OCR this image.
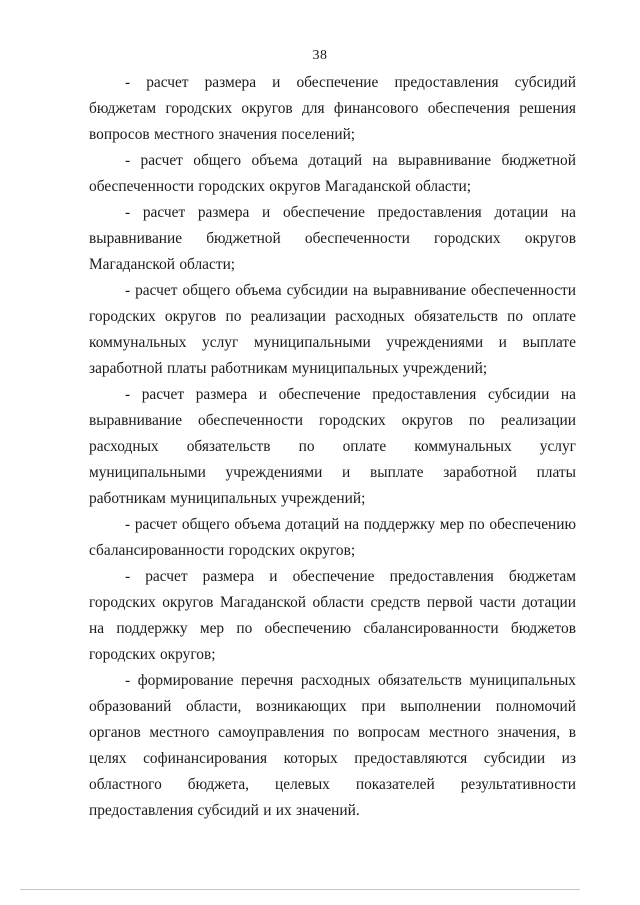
38

- расчет размера и обеспечение предоставления субсидий бюджетам городских округов для финансового обеспечения решения вопросов местного значения поселений;

- расчет общего объема дотаций на выравнивание бюджетной обеспеченности городских округов Магаданской области;

- расчет размера и обеспечение предоставления дотации на выравнивание бюджетной обеспеченности городских округов Магаданской области;

- расчет общего объема субсидии на выравнивание обеспеченности городских округов по реализации расходных обязательств по оплате коммунальных услуг муниципальными учреждениями и выплате заработной платы работникам муниципальных учреждений;

- расчет размера и обеспечение предоставления субсидии на выравнивание обеспеченности городских округов по реализации расходных обязательств по оплате коммунальных услуг муниципальными учреждениями и выплате заработной платы работникам муниципальных учреждений;

- расчет общего объема дотаций на поддержку мер по обеспечению сбалансированности городских округов;

- расчет размера и обеспечение предоставления бюджетам городских округов Магаданской области средств первой части дотации на поддержку мер по обеспечению сбалансированности бюджетов городских округов;

- формирование перечня расходных обязательств муниципальных образований области, возникающих при выполнении полномочий органов местного самоуправления по вопросам местного значения, в целях софинансирования которых предоставляются субсидии из областного бюджета, целевых показателей результативности предоставления субсидий и их значений.
